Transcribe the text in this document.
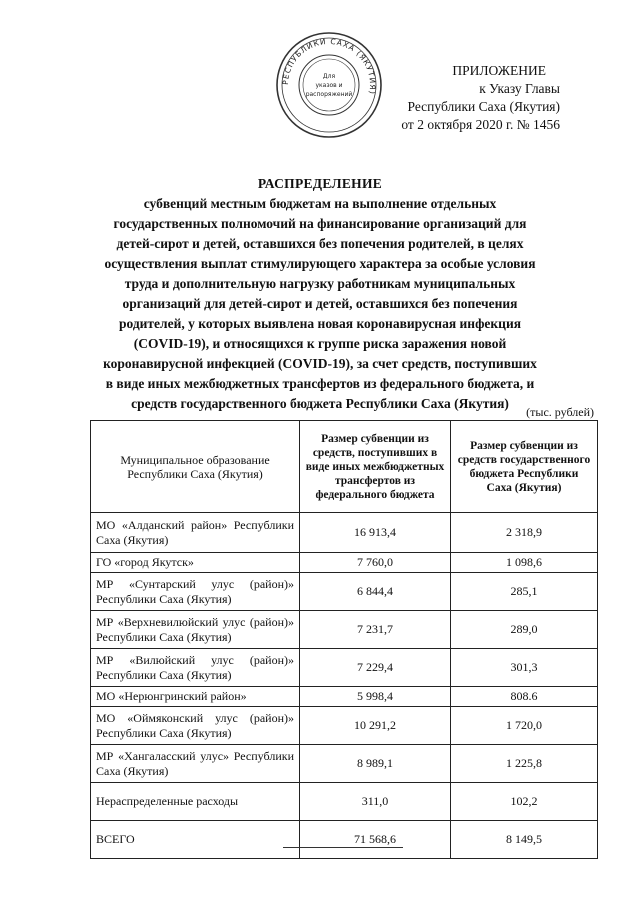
РЕСПУБЛИКИ САХА (ЯКУТИЯ)
Для
указов и
распоряжений
ПРИЛОЖЕНИЕ
к Указу Главы
Республики Саха (Якутия)
от 2 октября 2020 г. № 1456
РАСПРЕДЕЛЕНИЕ
субвенций местным бюджетам на выполнение отдельных государственных полномочий на финансирование организаций для детей-сирот и детей, оставшихся без попечения родителей, в целях осуществления выплат стимулирующего характера за особые условия труда и дополнительную нагрузку работникам муниципальных организаций для детей-сирот и детей, оставшихся без попечения родителей, у которых выявлена новая коронавирусная инфекция (COVID-19), и относящихся к группе риска заражения новой коронавирусной инфекцией (COVID-19), за счет средств, поступивших в виде иных межбюджетных трансфертов из федерального бюджета, и средств государственного бюджета Республики Саха (Якутия)
(тыс. рублей)
Муниципальное образование Республики Саха (Якутия)	Размер субвенции из средств, поступивших в виде иных межбюджетных трансфертов из федерального бюджета	Размер субвенции из средств государственного бюджета Республики Саха (Якутия)
МО «Алданский район» Республики Саха (Якутия)	16 913,4	2 318,9
ГО «город Якутск»	7 760,0	1 098,6
МР «Сунтарский улус (район)» Республики Саха (Якутия)	6 844,4	285,1
МР «Верхневилюйский улус (район)» Республики Саха (Якутия)	7 231,7	289,0
МР «Вилюйский улус (район)» Республики Саха (Якутия)	7 229,4	301,3
МО «Нерюнгринский район»	5 998,4	808.6
МО «Оймяконский улус (район)» Республики Саха (Якутия)	10 291,2	1 720,0
МР «Хангаласский улус» Республики Саха (Якутия)	8 989,1	1 225,8
Нераспределенные расходы	311,0	102,2
ВСЕГО	71 568,6	8 149,5
